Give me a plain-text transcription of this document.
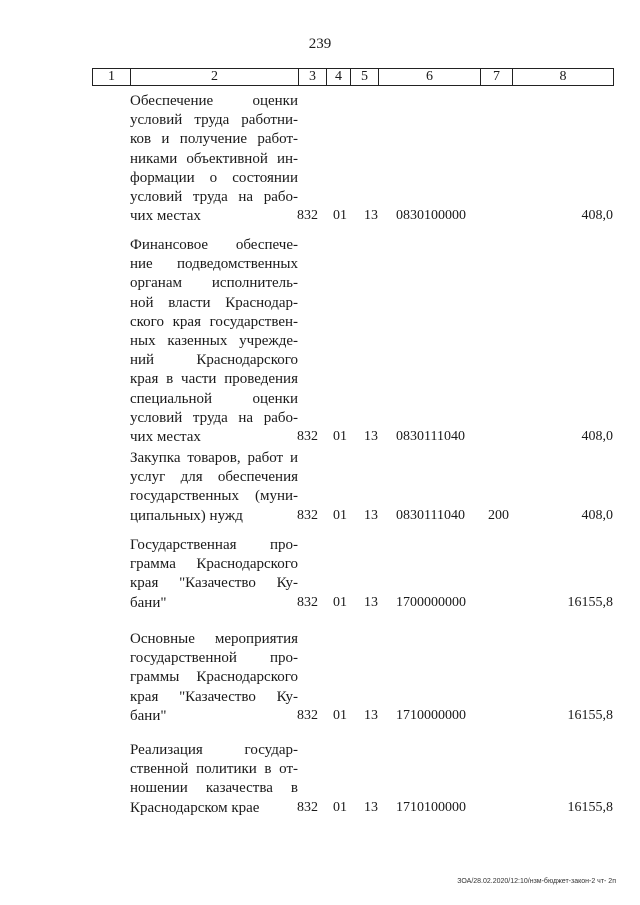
239
1	2	3	4	5	6	7	8
Обеспечение оценки
условий труда работни-
ков и получение работ-
никами объективной ин-
формации о состоянии
условий труда на рабо-
чих местах	832 01 13 0830100000	408,0
Финансовое обеспече-
ние подведомственных
органам исполнитель-
ной власти Краснодар-
ского края государствен-
ных казенных учрежде-
ний Краснодарского
края в части проведения
специальной оценки
условий труда на рабо-
чих местах	832 01 13 0830111040	408,0
Закупка товаров, работ и
услуг для обеспечения
государственных (муни-
ципальных) нужд	832 01 13 0830111040 200	408,0
Государственная про-
грамма Краснодарского
края "Казачество Ку-
бани"	832 01 13 1700000000	16155,8
Основные мероприятия
государственной про-
граммы Краснодарского
края "Казачество Ку-
бани"	832 01 13 1710000000	16155,8
Реализация государ-
ственной политики в от-
ношении казачества в
Краснодарском крае	832 01 13 1710100000	16155,8
ЗОА/28.02.2020/12:10/нзм-бюджет-закон-2 чт- 2п
